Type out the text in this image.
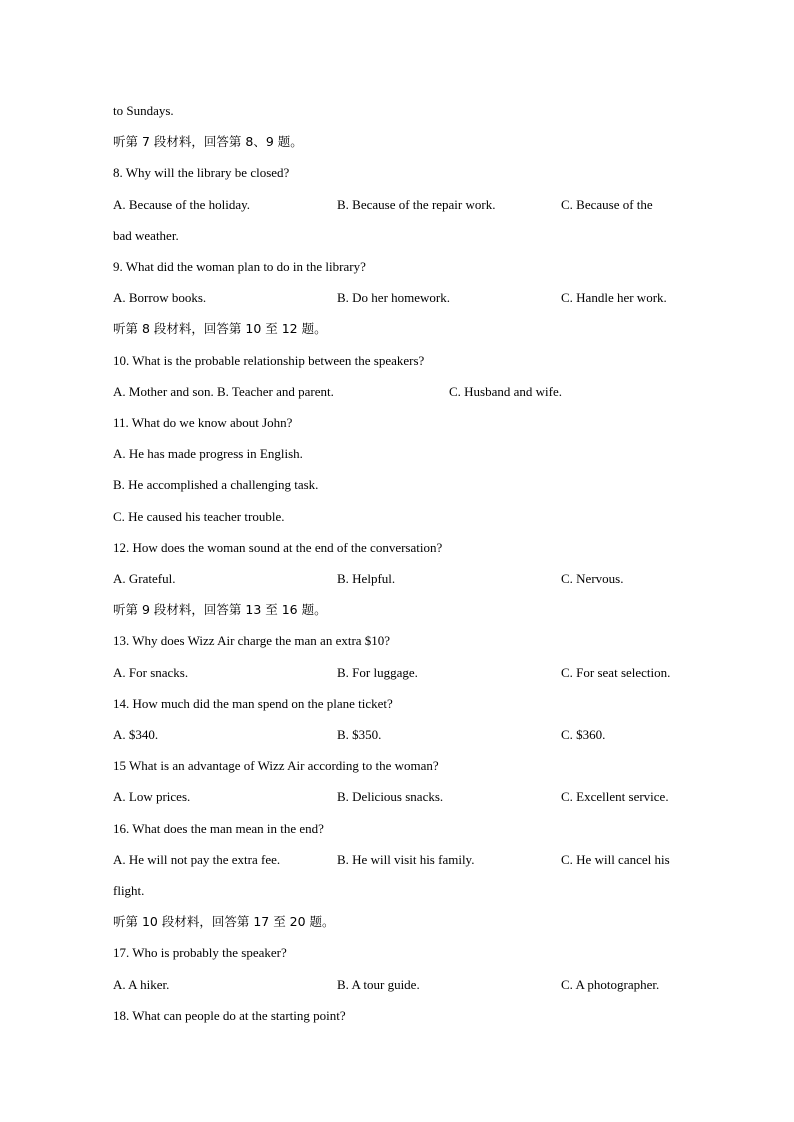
to Sundays.
听第 7 段材料，回答第 8、9 题。
8. Why will the library be closed?
A. Because of the holiday.	B. Because of the repair work.	C. Because of the
bad weather.
9. What did the woman plan to do in the library?
A. Borrow books.	B. Do her homework.	C. Handle her work.
听第 8 段材料，回答第 10 至 12 题。
10. What is the probable relationship between the speakers?
A. Mother and son. B. Teacher and parent.	C. Husband and wife.
11. What do we know about John?
A. He has made progress in English.
B. He accomplished a challenging task.
C. He caused his teacher trouble.
12. How does the woman sound at the end of the conversation?
A. Grateful.	B. Helpful.	C. Nervous.
听第 9 段材料，回答第 13 至 16 题。
13. Why does Wizz Air charge the man an extra $10?
A. For snacks.	B. For luggage.	C. For seat selection.
14. How much did the man spend on the plane ticket?
A. $340.	B. $350.	C. $360.
15 What is an advantage of Wizz Air according to the woman?
A. Low prices.	B. Delicious snacks.	C. Excellent service.
16. What does the man mean in the end?
A. He will not pay the extra fee.	B. He will visit his family.	C. He will cancel his
flight.
听第 10 段材料，回答第 17 至 20 题。
17. Who is probably the speaker?
A. A hiker.	B. A tour guide.	C. A photographer.
18. What can people do at the starting point?
